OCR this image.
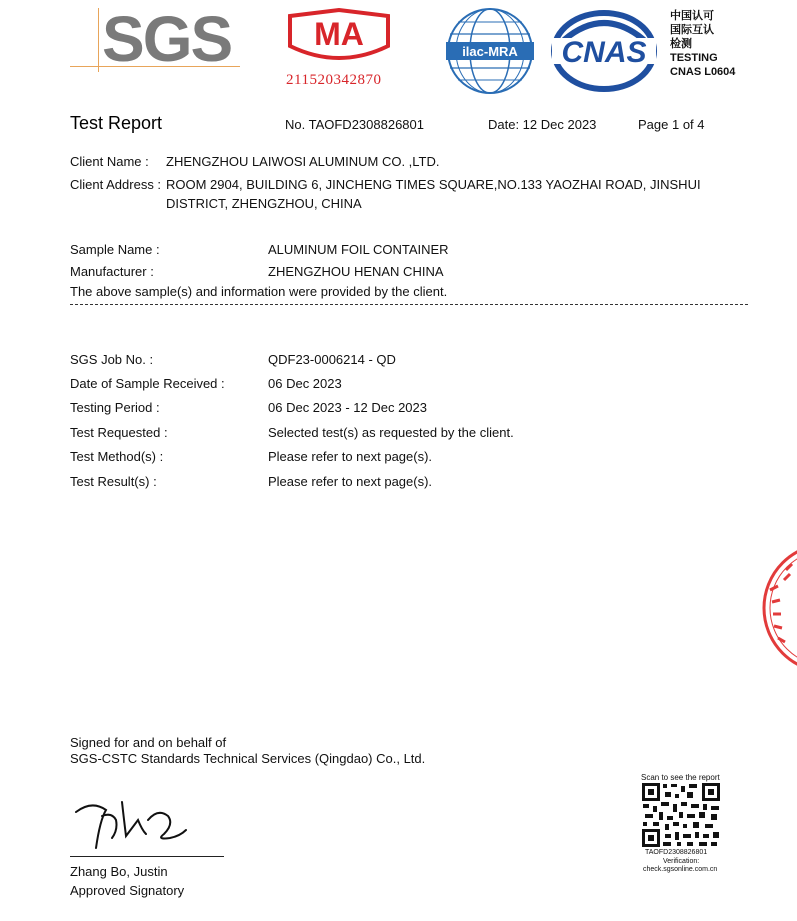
SGS	MA
211520342870
ilac-MRA CNAS
中国认可
国际互认
检测
TESTING
CNAS L0604
Test Report	No. TAOFD2308826801	Date: 12 Dec 2023	Page 1 of 4
Client Name : ZHENGZHOU LAIWOSI ALUMINUM CO. ,LTD.
Client Address : ROOM 2904, BUILDING 6, JINCHENG TIMES SQUARE,NO.133 YAOZHAI ROAD, JINSHUI
DISTRICT, ZHENGZHOU, CHINA
Sample Name :	ALUMINUM FOIL CONTAINER
Manufacturer :	ZHENGZHOU HENAN CHINA
The above sample(s) and information were provided by the client.
SGS Job No. :	QDF23-0006214 - QD
Date of Sample Received :	06 Dec 2023
Testing Period :	06 Dec 2023 - 12 Dec 2023
Test Requested :	Selected test(s) as requested by the client.
Test Method(s) :	Please refer to next page(s).
Test Result(s) :	Please refer to next page(s).
Signed for and on behalf of
SGS-CSTC Standards Technical Services (Qingdao) Co., Ltd.
Zhang Bo, Justin
Approved Signatory
Scan to see the report
TAOFD2308826801
Verification:
check.sgsonline.com.cn
